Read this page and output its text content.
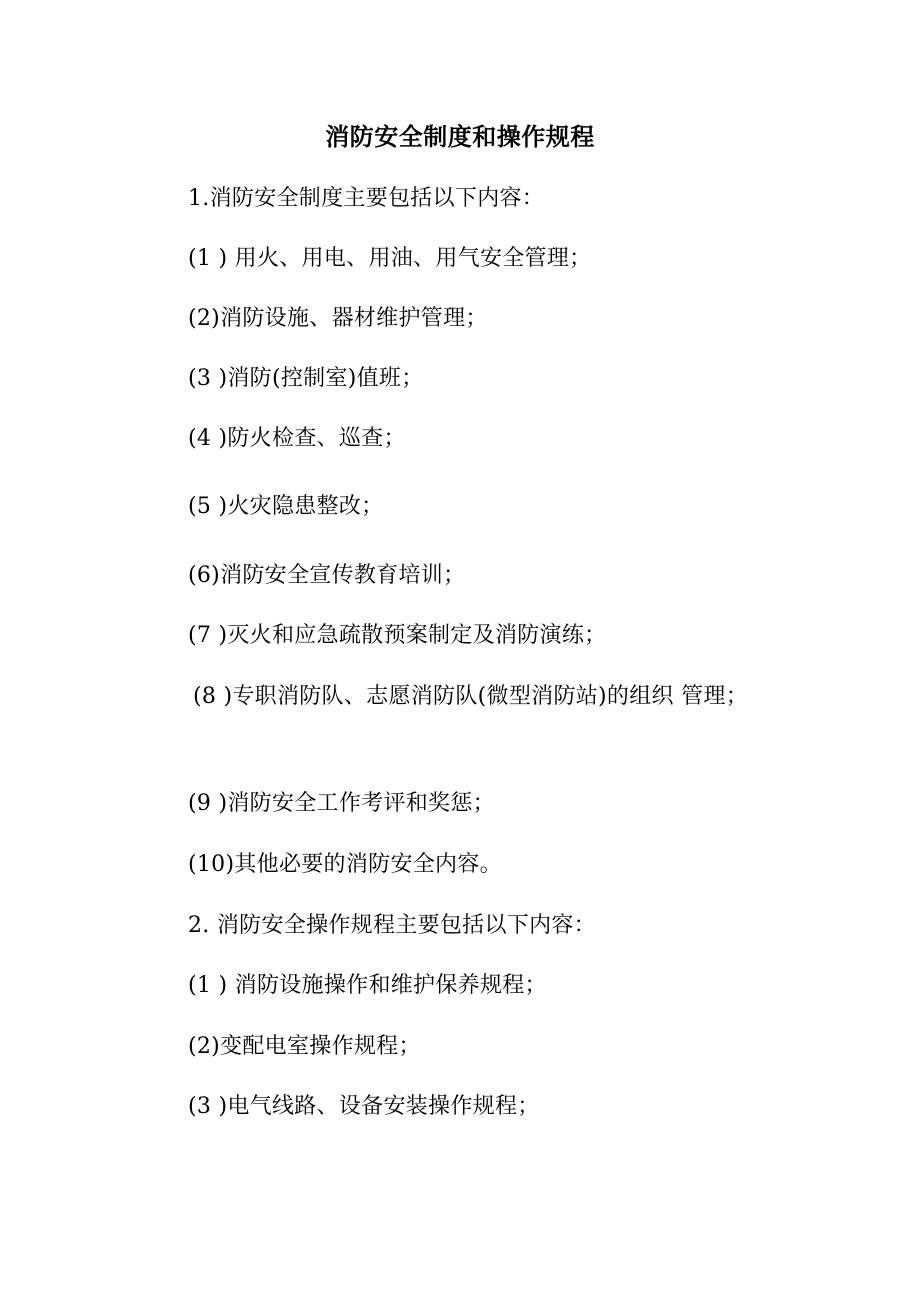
消防安全制度和操作规程
1.消防安全制度主要包括以下内容：
(1 ) 用火、用电、用油、用气安全管理；
(2)消防设施、器材维护管理；
(3 )消防(控制室)值班；
(4 )防火检查、巡查；
(5 )火灾隐患整改；
(6)消防安全宣传教育培训；
(7 )灭火和应急疏散预案制定及消防演练；
(8 )专职消防队、志愿消防队(微型消防站)的组织 管理；
(9 )消防安全工作考评和奖惩；
(10)其他必要的消防安全内容。
2. 消防安全操作规程主要包括以下内容：
(1 ) 消防设施操作和维护保养规程；
(2)变配电室操作规程；
(3 )电气线路、设备安装操作规程；
